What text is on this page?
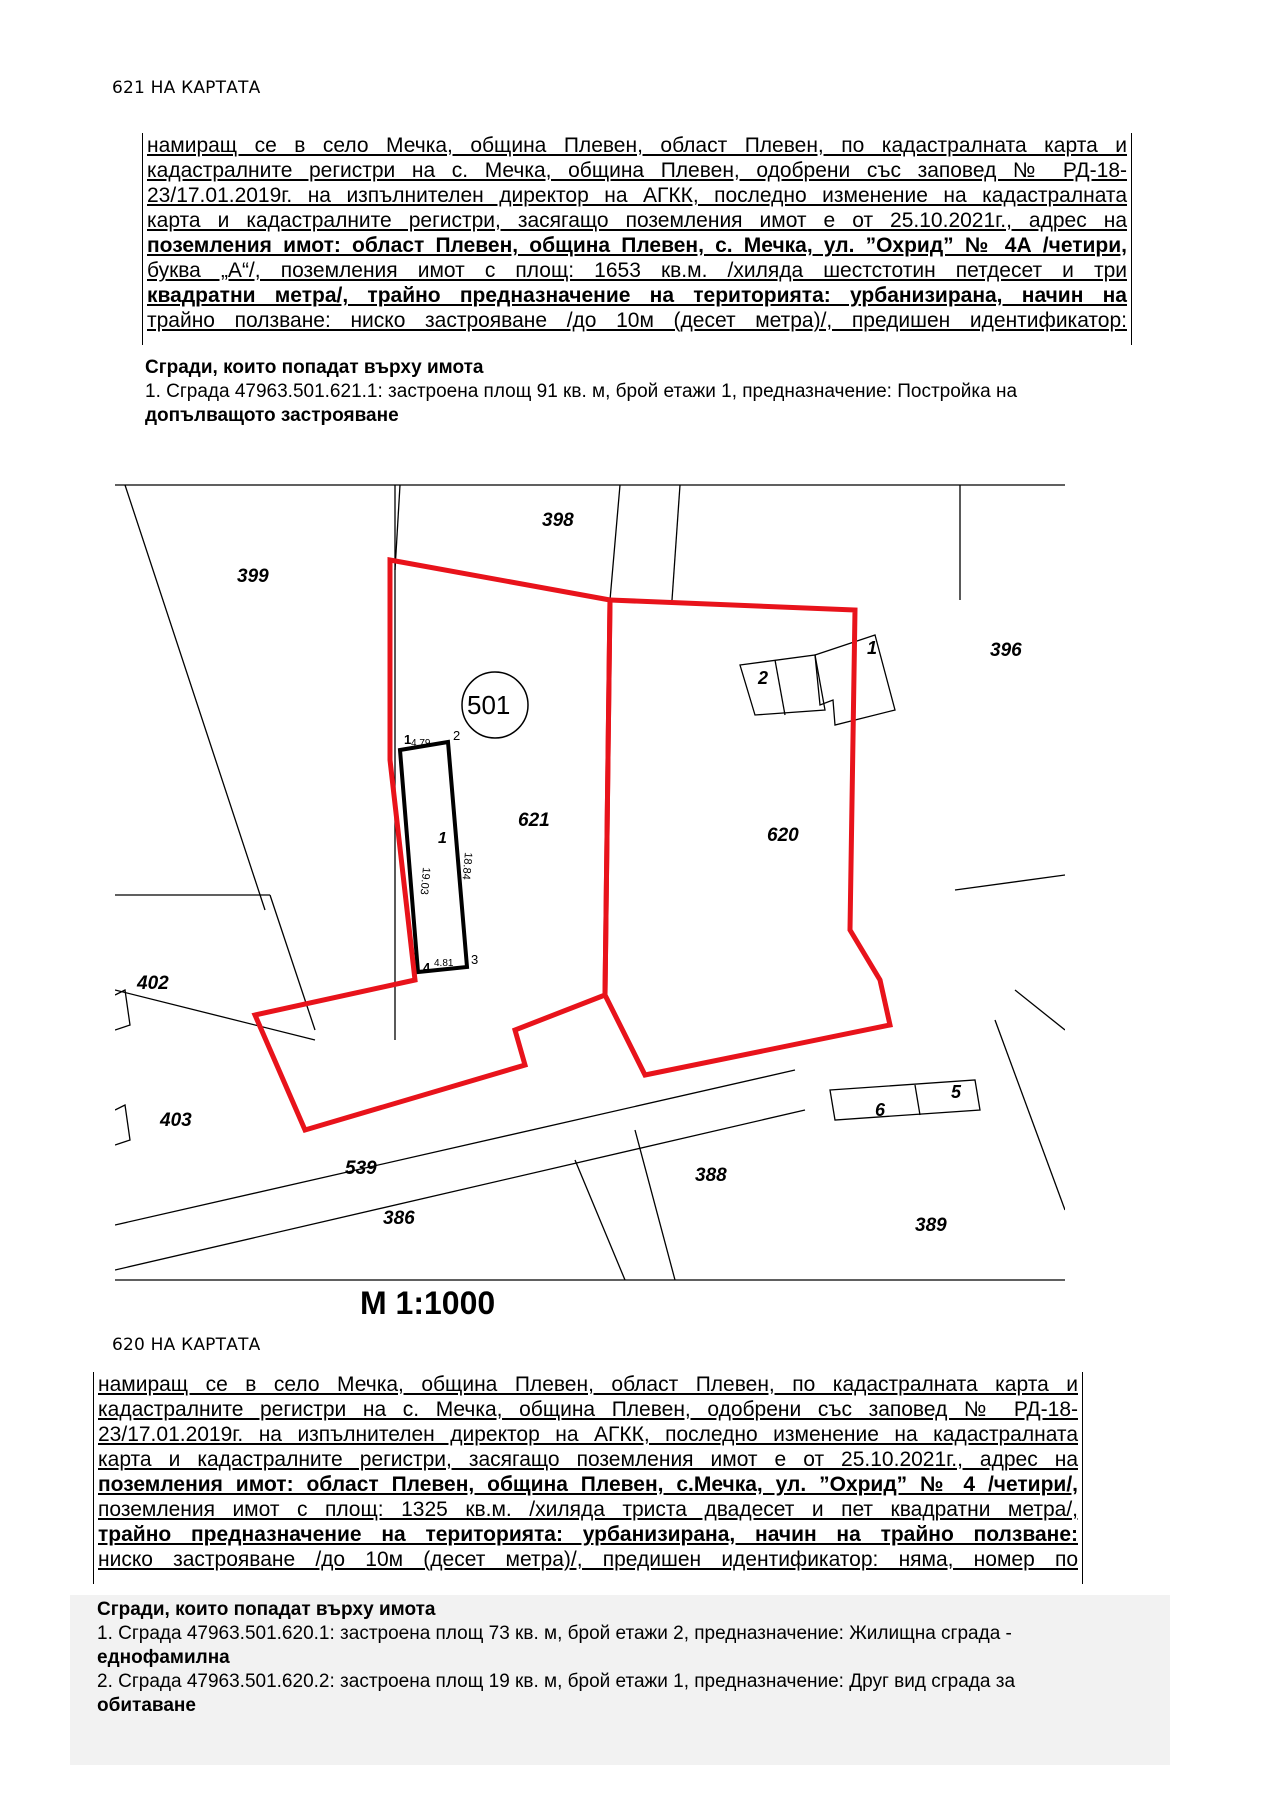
621 НА КАРТАТА
намиращ се в село Мечка, община Плевен, област Плевен, по кадастралната карта и
кадастралните регистри на с. Мечка, община Плевен, одобрени със заповед № РД-18-
23/17.01.2019г. на изпълнителен директор на АГКК, последно изменение на кадастралната
карта и кадастралните регистри, засягащо поземления имот е от 25.10.2021г., адрес на
поземления имот: област Плевен, община Плевен, с. Мечка, ул. ”Охрид” № 4А /четири,
буква „А“/, поземления имот с площ: 1653 кв.м. /хиляда шестстотин петдесет и три
квадратни метра/, трайно предназначение на територията: урбанизирана, начин на
трайно ползване: ниско застрояване /до 10м (десет метра)/, предишен идентификатор:
Сгради, които попадат върху имота
1. Сграда 47963.501.621.1: застроена площ 91 кв. м, брой етажи 1, предназначение: Постройка на
допълващото застрояване
398
399
396
501
621
620
402
403
539
386
388
389
1
2
1
1	2
3
4
5
6
4.79
19.03
18.84
4.81
М 1:1000
620 НА КАРТАТА
намиращ се в село Мечка, община Плевен, област Плевен, по кадастралната карта и
кадастралните регистри на с. Мечка, община Плевен, одобрени със заповед № РД-18-
23/17.01.2019г. на изпълнителен директор на АГКК, последно изменение на кадастралната
карта и кадастралните регистри, засягащо поземления имот е от 25.10.2021г., адрес на
поземления имот: област Плевен, община Плевен, с.Мечка, ул. ”Охрид” № 4 /четири/,
поземления имот с площ: 1325 кв.м. /хиляда триста двадесет и пет квадратни метра/,
трайно предназначение на територията: урбанизирана, начин на трайно ползване:
ниско застрояване /до 10м (десет метра)/, предишен идентификатор: няма, номер по
Сгради, които попадат върху имота
1. Сграда 47963.501.620.1: застроена площ 73 кв. м, брой етажи 2, предназначение: Жилищна сграда -
еднофамилна
2. Сграда 47963.501.620.2: застроена площ 19 кв. м, брой етажи 1, предназначение: Друг вид сграда за
обитаване
